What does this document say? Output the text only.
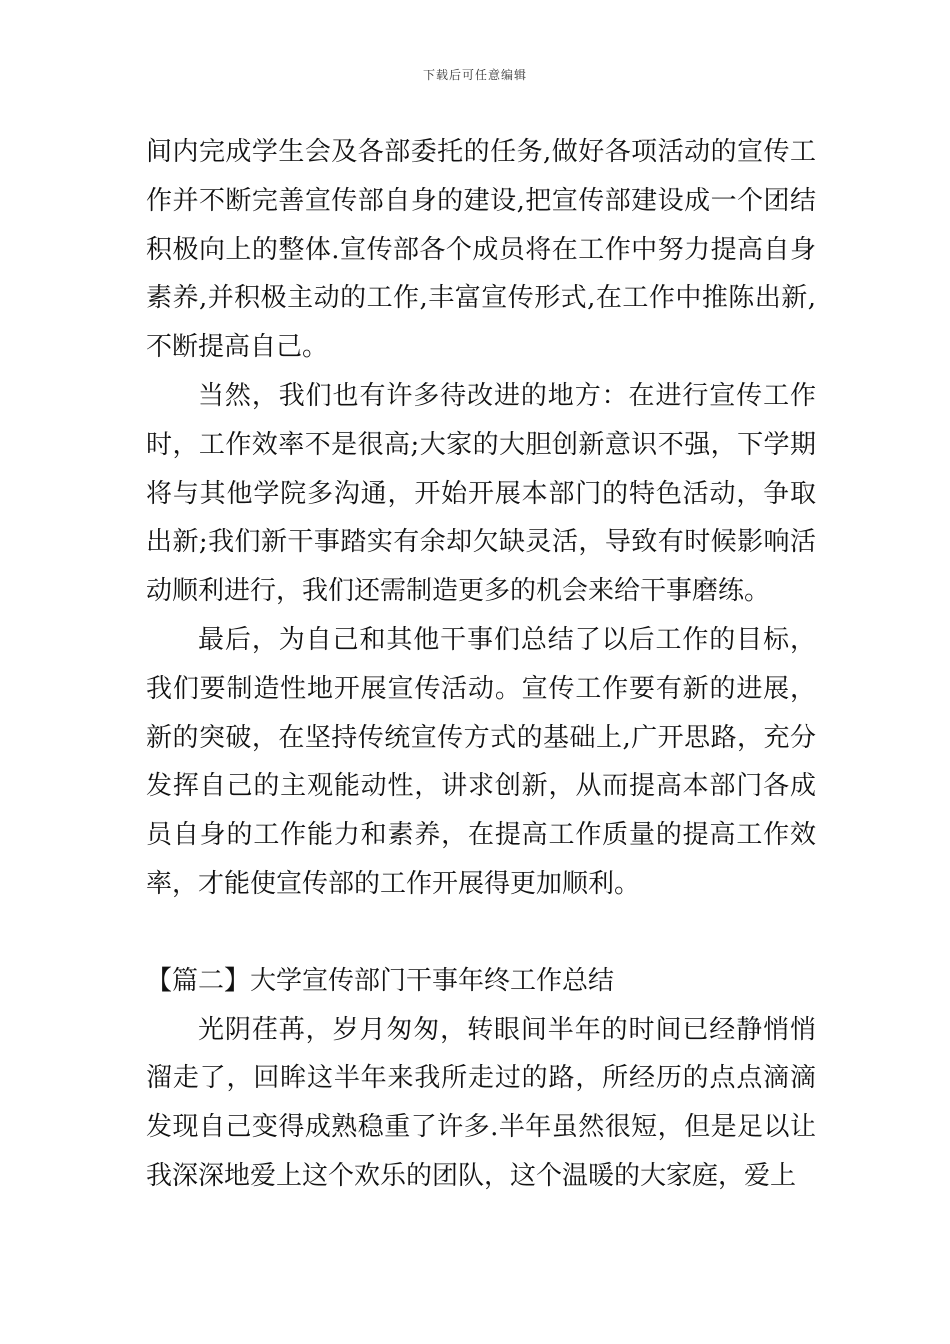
下载后可任意编辑

间内完成学生会及各部委托的任务,做好各项活动的宣传工作并不断完善宣传部自身的建设,把宣传部建设成一个团结积极向上的整体.宣传部各个成员将在工作中努力提高自身素养,并积极主动的工作,丰富宣传形式,在工作中推陈出新,不断提高自己。

当然，我们也有许多待改进的地方：在进行宣传工作时，工作效率不是很高;大家的大胆创新意识不强，下学期将与其他学院多沟通，开始开展本部门的特色活动，争取出新;我们新干事踏实有余却欠缺灵活，导致有时候影响活动顺利进行，我们还需制造更多的机会来给干事磨练。

最后，为自己和其他干事们总结了以后工作的目标，我们要制造性地开展宣传活动。宣传工作要有新的进展，新的突破，在坚持传统宣传方式的基础上,广开思路，充分发挥自己的主观能动性，讲求创新，从而提高本部门各成员自身的工作能力和素养，在提高工作质量的提高工作效率，才能使宣传部的工作开展得更加顺利。

【篇二】大学宣传部门干事年终工作总结

光阴荏苒，岁月匆匆，转眼间半年的时间已经静悄悄溜走了，回眸这半年来我所走过的路，所经历的点点滴滴发现自己变得成熟稳重了许多.半年虽然很短，但是足以让我深深地爱上这个欢乐的团队，这个温暖的大家庭，爱上
